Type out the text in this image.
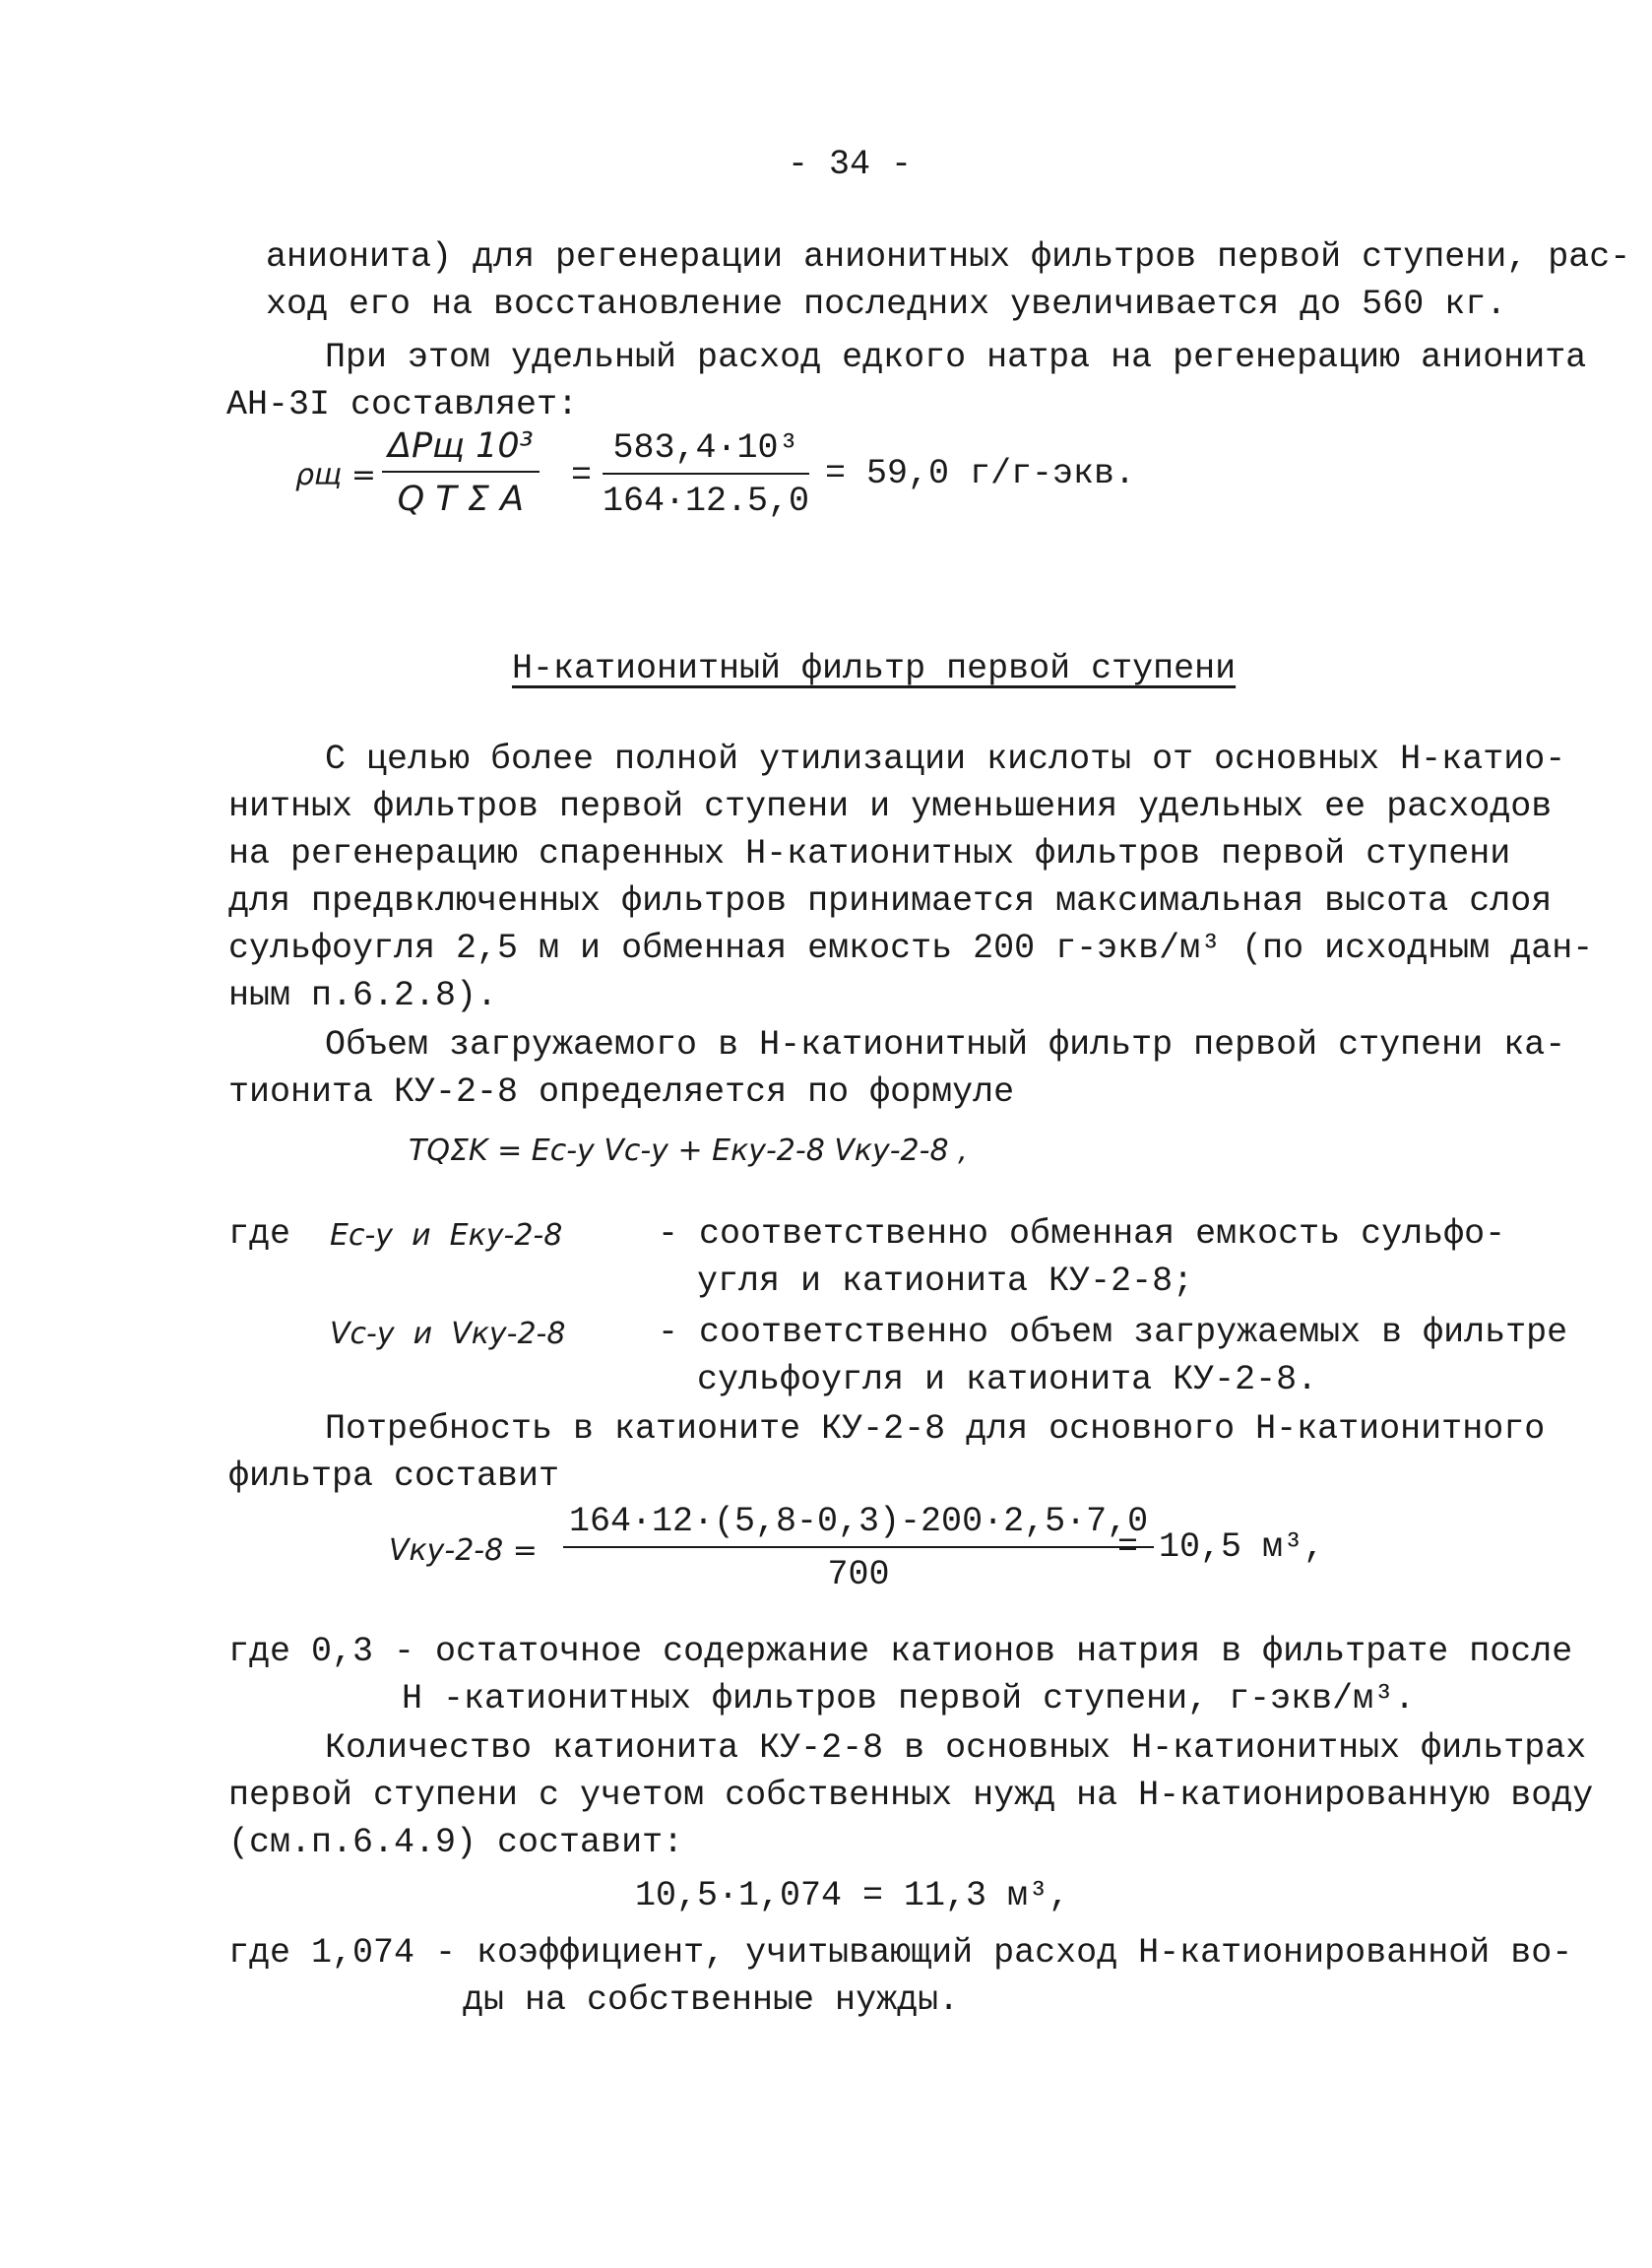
- 34 -
анионита) для регенерации анионитных фильтров первой ступени, рас-
ход его на восстановление последних увеличивается до 560 кг.
При этом удельный расход едкого натра на регенерацию анионита
АН-3I составляет:
ρщ =
ΔPщ 10³
Q T Σ A
= $\frac{\text{583,4·10³}}{164\cdot 12.5,0} = 59,0$ г/г-экв.
Н-катионитный фильтр первой ступени
С целью более полной утилизации кислоты от основных Н-катио-
нитных фильтров первой ступени и уменьшения удельных ее расходов
на регенерацию спаренных Н-катионитных фильтров первой ступени
для предвключенных фильтров принимается максимальная высота слоя
сульфоугля 2,5 м и обменная емкость 200 г-экв/м³ (по исходным дан-
ным п.6.2.8).
Объем загружаемого в Н-катионитный фильтр первой ступени ка-
тионита КУ-2-8 определяется по формуле
TQΣK = Eс-у Vс-у + Eку-2-8 Vку-2-8 ,
где Eс-у  и  Eку-2-8	- соответственно обменная емкость сульфо-
угля и катионита КУ-2-8;
Vс-у  и  Vку-2-8	- соответственно объем загружаемых в фильтре
сульфоугля и катионита КУ-2-8.
Потребность в катионите КУ-2-8 для основного Н-катионитного
фильтра составит
$Vку-2-8 = \frac{164\cdot 12\cdot(5,8-0,3)-200\cdot 2,5\cdot 7,0}{700}$
= 10,5 м³,
где 0,3 - остаточное содержание катионов натрия в фильтрате после
Н -катионитных фильтров первой ступени, г-экв/м³.
Количество катионита КУ-2-8 в основных Н-катионитных фильтрах
первой ступени с учетом собственных нужд на Н-катионированную воду
(см.п.6.4.9) составит:
10,5·1,074 = 11,3 м³,
где 1,074 - коэффициент, учитывающий расход Н-катионированной во-
ды на собственные нужды.
